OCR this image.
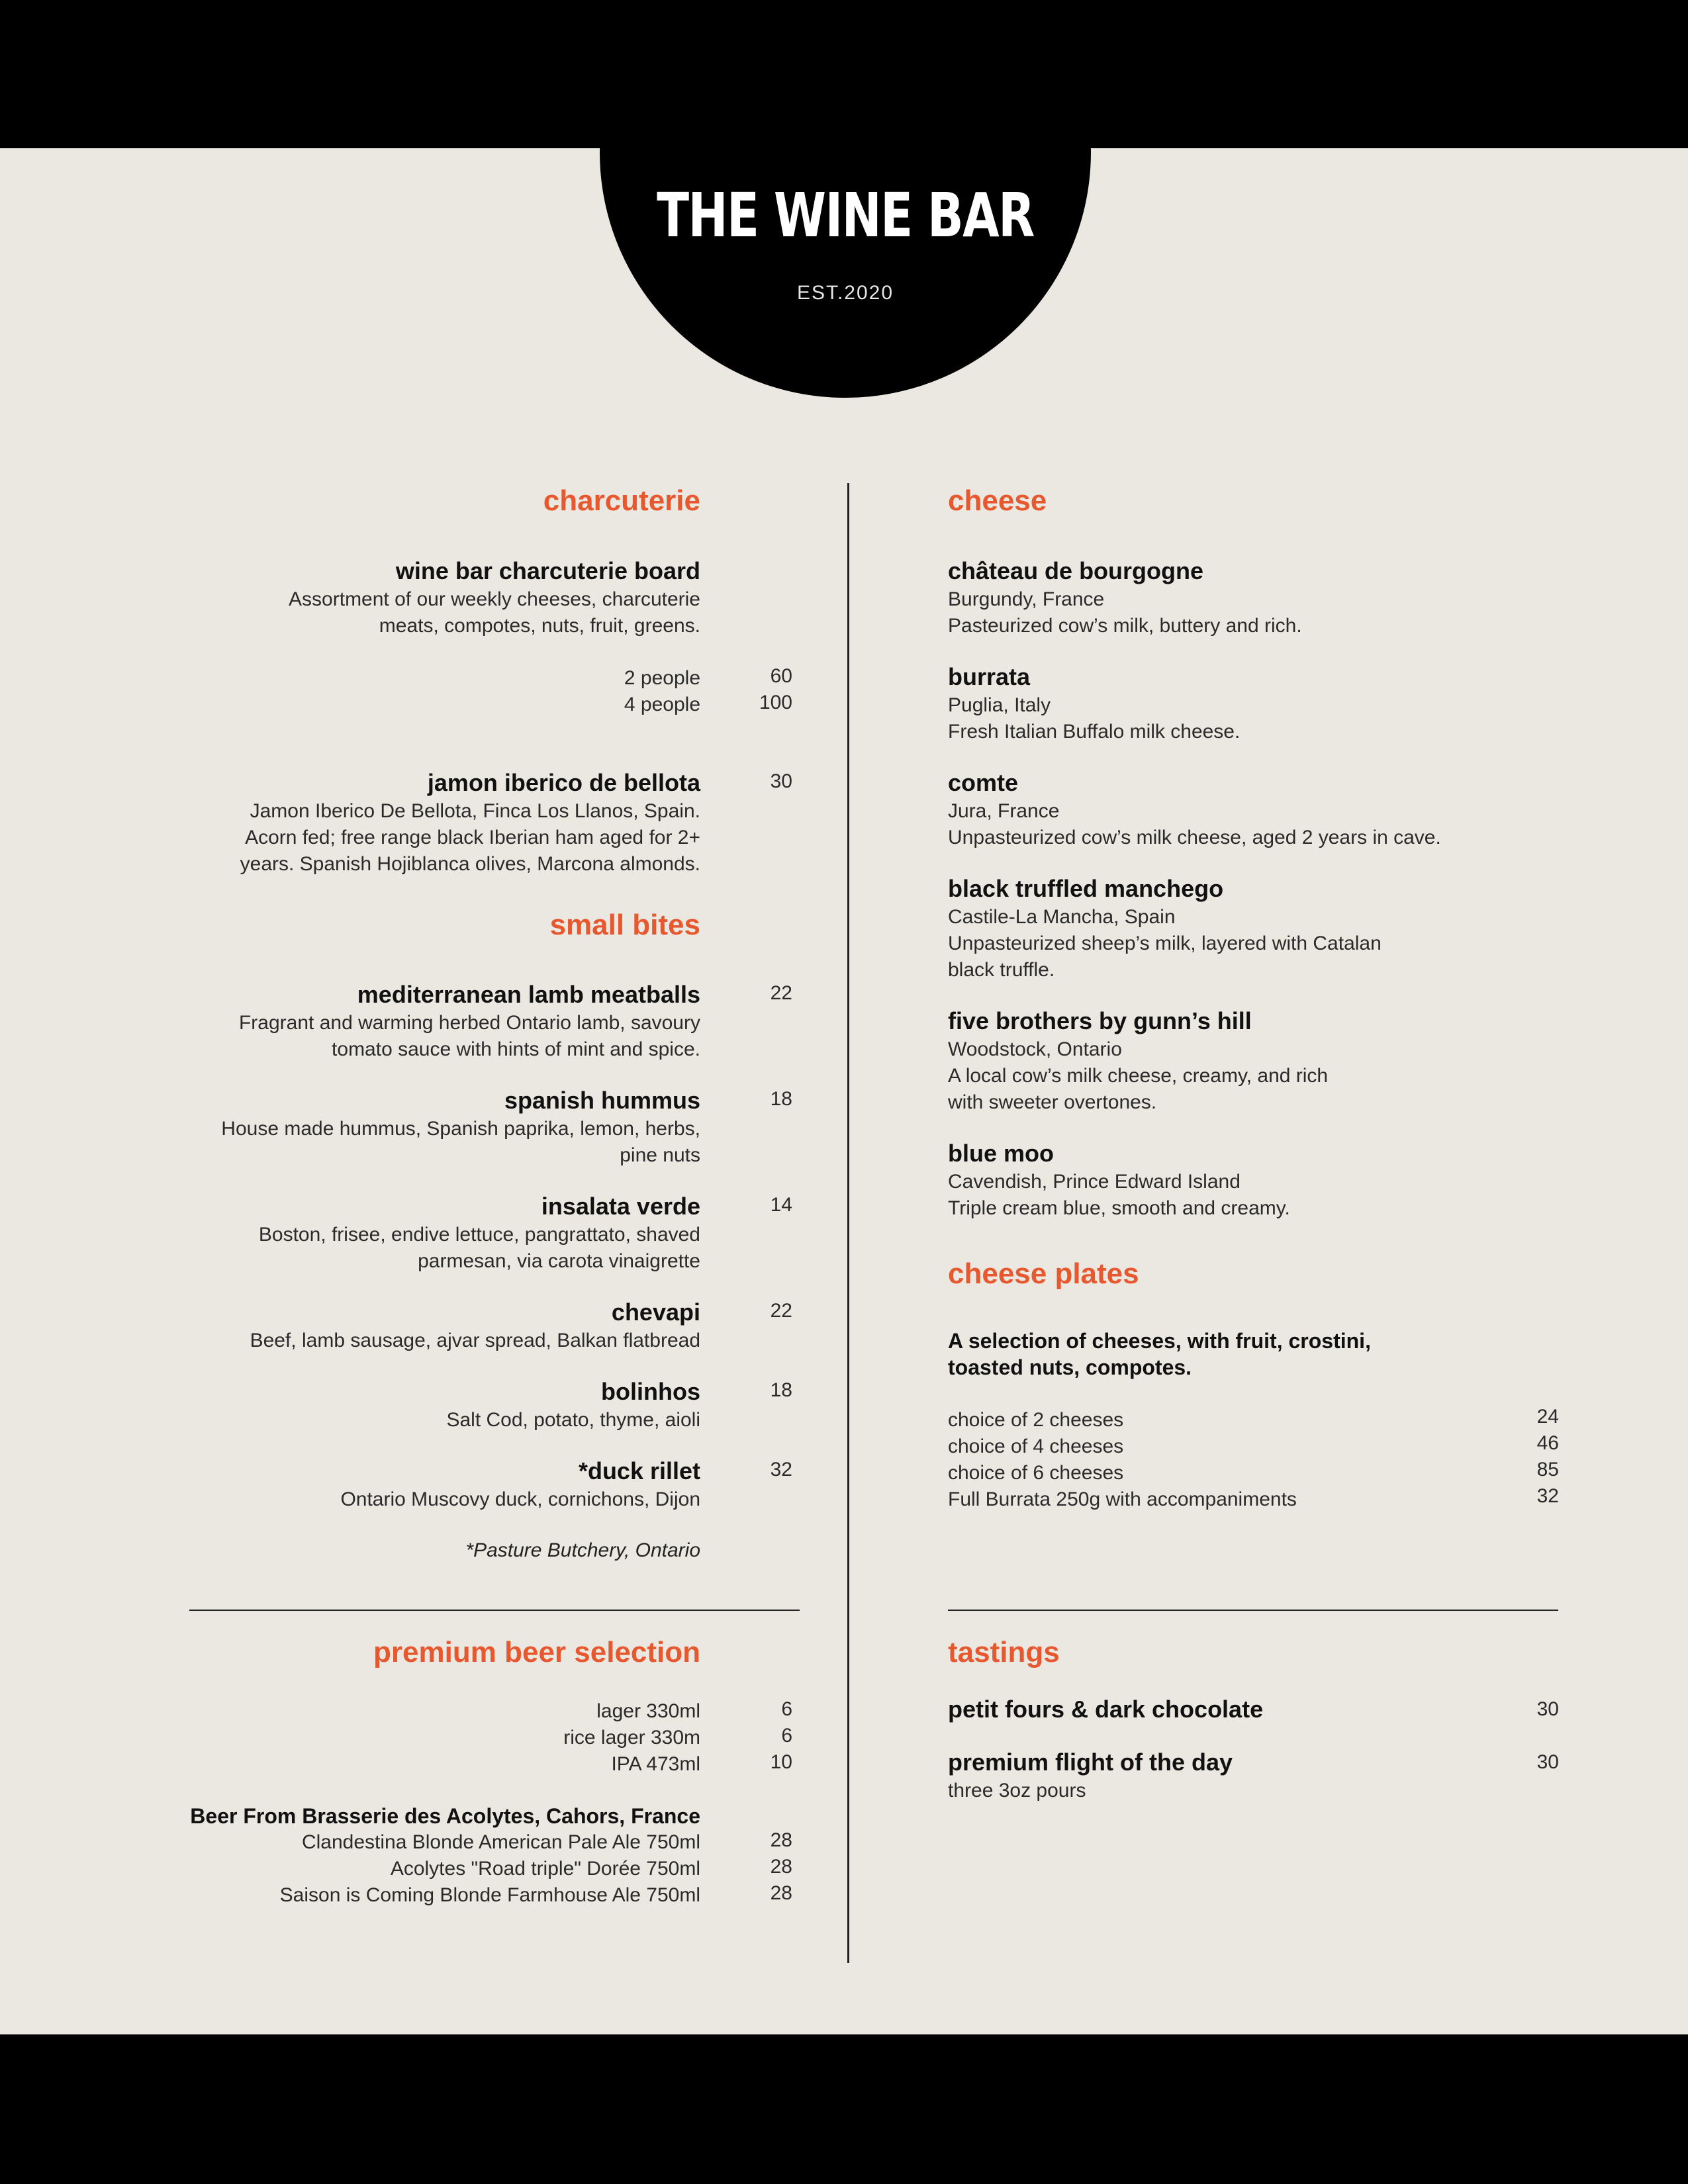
THE WINE BAR
EST.2020
charcuterie
wine bar charcuterie board
Assortment of our weekly cheeses, charcuterie
meats, compotes, nuts, fruit, greens.
2 people	60
4 people	100
jamon iberico de bellota	30
Jamon Iberico De Bellota, Finca Los Llanos, Spain.
Acorn fed; free range black Iberian ham aged for 2+
years. Spanish Hojiblanca olives, Marcona almonds.
small bites
mediterranean lamb meatballs	22
Fragrant and warming herbed Ontario lamb, savoury
tomato sauce with hints of mint and spice.
spanish hummus	18
House made hummus, Spanish paprika, lemon, herbs,
pine nuts
insalata verde	14
Boston, frisee, endive lettuce, pangrattato, shaved
parmesan, via carota vinaigrette
chevapi	22
Beef, lamb sausage, ajvar spread, Balkan flatbread
bolinhos	18
Salt Cod, potato, thyme, aioli
*duck rillet	32
Ontario Muscovy duck, cornichons, Dijon
*Pasture Butchery, Ontario
premium beer selection
lager 330ml	6
rice lager 330m	6
IPA 473ml	10
Beer From Brasserie des Acolytes, Cahors, France
Clandestina Blonde American Pale Ale 750ml	28
Acolytes "Road triple" Dorée 750ml	28
Saison is Coming Blonde Farmhouse Ale 750ml	28
cheese
château de bourgogne
Burgundy, France
Pasteurized cow’s milk, buttery and rich.
burrata
Puglia, Italy
Fresh Italian Buffalo milk cheese.
comte
Jura, France
Unpasteurized cow’s milk cheese, aged 2 years in cave.
black truffled manchego
Castile-La Mancha, Spain
Unpasteurized sheep’s milk, layered with Catalan
black truffle.
five brothers by gunn’s hill
Woodstock, Ontario
A local cow’s milk cheese, creamy, and rich
with sweeter overtones.
blue moo
Cavendish, Prince Edward Island
Triple cream blue, smooth and creamy.
cheese plates
A selection of cheeses, with fruit, crostini,
toasted nuts, compotes.
choice of 2 cheeses	24
choice of 4 cheeses	46
choice of 6 cheeses	85
Full Burrata 250g with accompaniments	32
tastings
petit fours & dark chocolate	30
premium flight of the day	30
three 3oz pours
